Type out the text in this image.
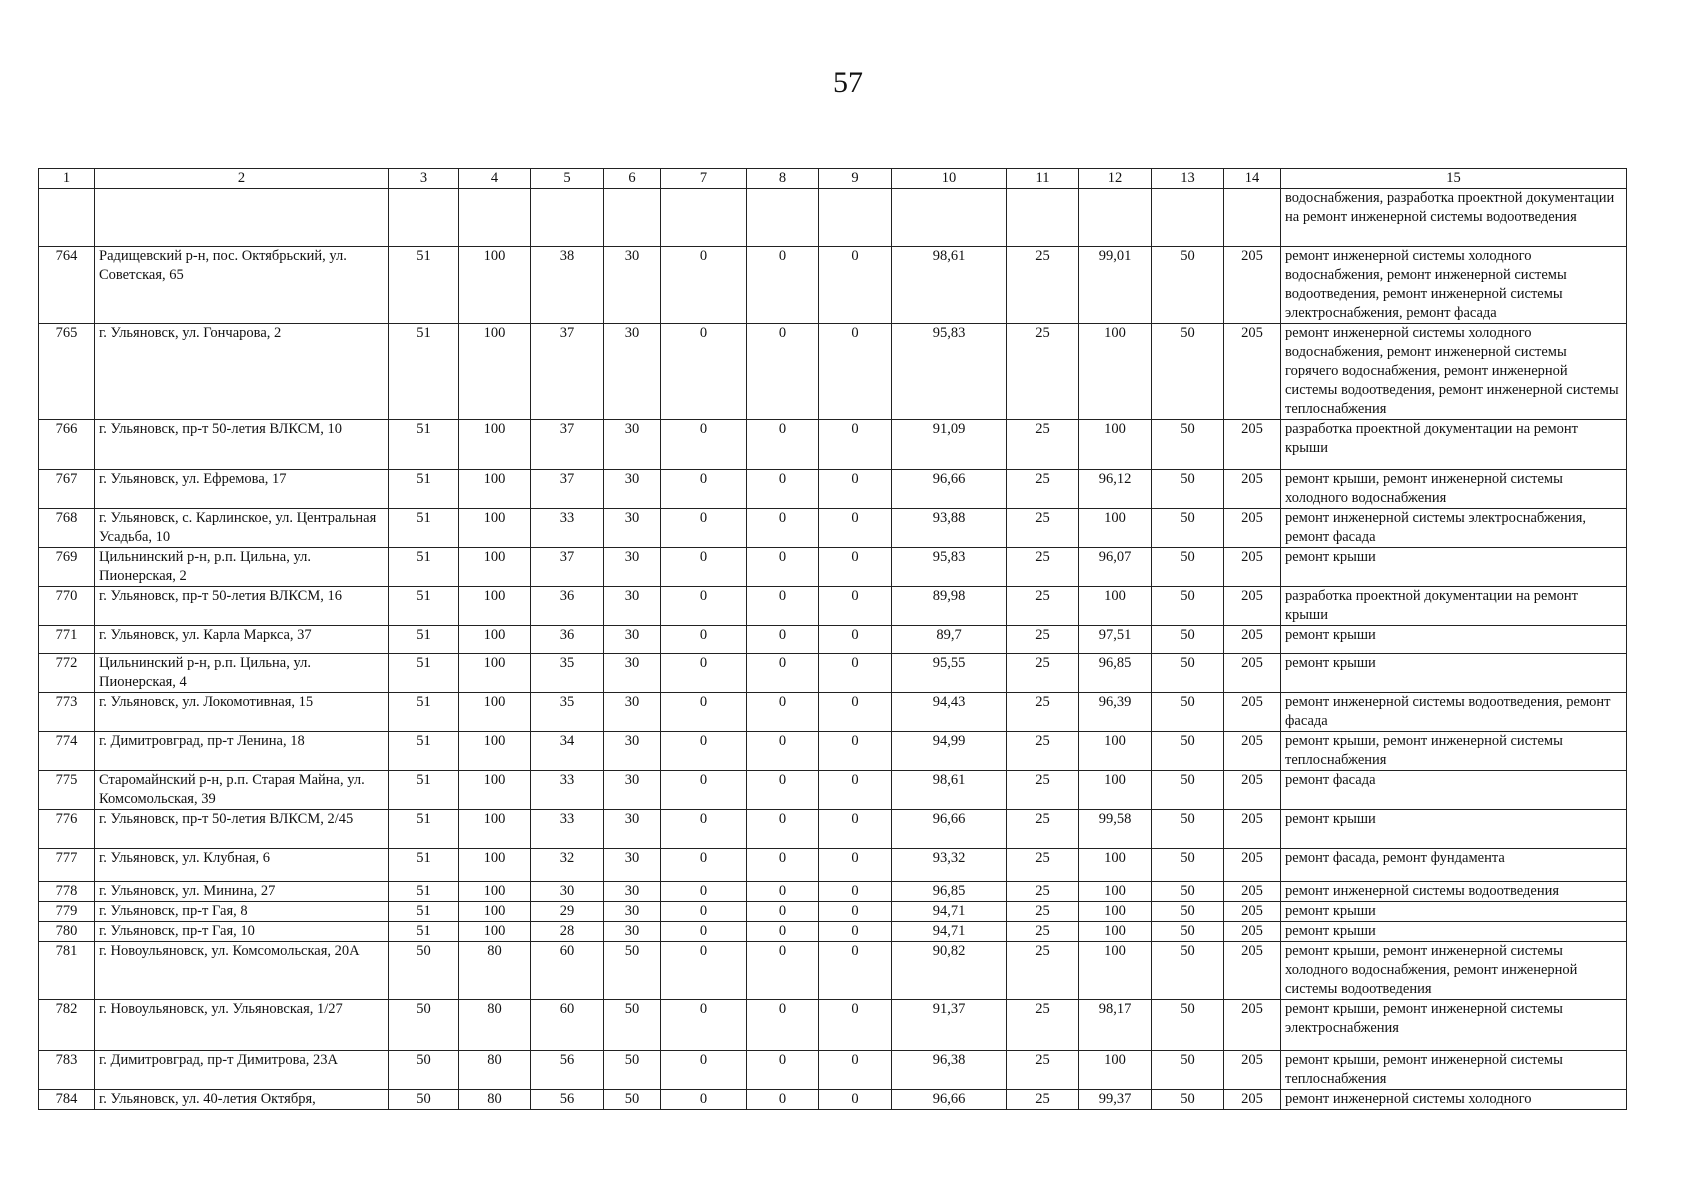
57
1	2	3	4	5	6	7	8	9	10	11	12	13	14	15
														водоснабжения, разработка проектной документации на ремонт инженерной системы водоотведения
764	Радищевский р-н, пос. Октябрьский, ул. Советская, 65	51	100	38	30	0	0	0	98,61	25	99,01	50	205	ремонт инженерной системы холодного водоснабжения, ремонт инженерной системы водоотведения, ремонт инженерной системы электроснабжения, ремонт фасада
765	г. Ульяновск, ул. Гончарова, 2	51	100	37	30	0	0	0	95,83	25	100	50	205	ремонт инженерной системы холодного водоснабжения, ремонт инженерной системы горячего водоснабжения, ремонт инженерной системы водоотведения, ремонт инженерной системы теплоснабжения
766	г. Ульяновск, пр-т 50-летия ВЛКСМ, 10	51	100	37	30	0	0	0	91,09	25	100	50	205	разработка проектной документации на ремонт крыши
767	г. Ульяновск, ул. Ефремова, 17	51	100	37	30	0	0	0	96,66	25	96,12	50	205	ремонт крыши, ремонт инженерной системы холодного водоснабжения
768	г. Ульяновск, с. Карлинское, ул. Центральная Усадьба, 10	51	100	33	30	0	0	0	93,88	25	100	50	205	ремонт инженерной системы электроснабжения, ремонт фасада
769	Цильнинский р-н, р.п. Цильна, ул. Пионерская, 2	51	100	37	30	0	0	0	95,83	25	96,07	50	205	ремонт крыши
770	г. Ульяновск, пр-т 50-летия ВЛКСМ, 16	51	100	36	30	0	0	0	89,98	25	100	50	205	разработка проектной документации на ремонт крыши
771	г. Ульяновск, ул. Карла Маркса, 37	51	100	36	30	0	0	0	89,7	25	97,51	50	205	ремонт крыши
772	Цильнинский р-н, р.п. Цильна, ул. Пионерская, 4	51	100	35	30	0	0	0	95,55	25	96,85	50	205	ремонт крыши
773	г. Ульяновск, ул. Локомотивная, 15	51	100	35	30	0	0	0	94,43	25	96,39	50	205	ремонт инженерной системы водоотведения, ремонт фасада
774	г. Димитровград, пр-т Ленина, 18	51	100	34	30	0	0	0	94,99	25	100	50	205	ремонт крыши, ремонт инженерной системы теплоснабжения
775	Старомайнский р-н, р.п. Старая Майна, ул. Комсомольская, 39	51	100	33	30	0	0	0	98,61	25	100	50	205	ремонт фасада
776	г. Ульяновск, пр-т 50-летия ВЛКСМ, 2/45	51	100	33	30	0	0	0	96,66	25	99,58	50	205	ремонт крыши
777	г. Ульяновск, ул. Клубная, 6	51	100	32	30	0	0	0	93,32	25	100	50	205	ремонт фасада, ремонт фундамента
778	г. Ульяновск, ул. Минина, 27	51	100	30	30	0	0	0	96,85	25	100	50	205	ремонт инженерной системы водоотведения
779	г. Ульяновск, пр-т Гая, 8	51	100	29	30	0	0	0	94,71	25	100	50	205	ремонт крыши
780	г. Ульяновск, пр-т Гая, 10	51	100	28	30	0	0	0	94,71	25	100	50	205	ремонт крыши
781	г. Новоульяновск, ул. Комсомольская, 20А	50	80	60	50	0	0	0	90,82	25	100	50	205	ремонт крыши, ремонт инженерной системы холодного водоснабжения, ремонт инженерной системы водоотведения
782	г. Новоульяновск, ул. Ульяновская, 1/27	50	80	60	50	0	0	0	91,37	25	98,17	50	205	ремонт крыши, ремонт инженерной системы электроснабжения
783	г. Димитровград, пр-т Димитрова, 23А	50	80	56	50	0	0	0	96,38	25	100	50	205	ремонт крыши, ремонт инженерной системы теплоснабжения
784	г. Ульяновск, ул. 40-летия Октября,	50	80	56	50	0	0	0	96,66	25	99,37	50	205	ремонт инженерной системы холодного
